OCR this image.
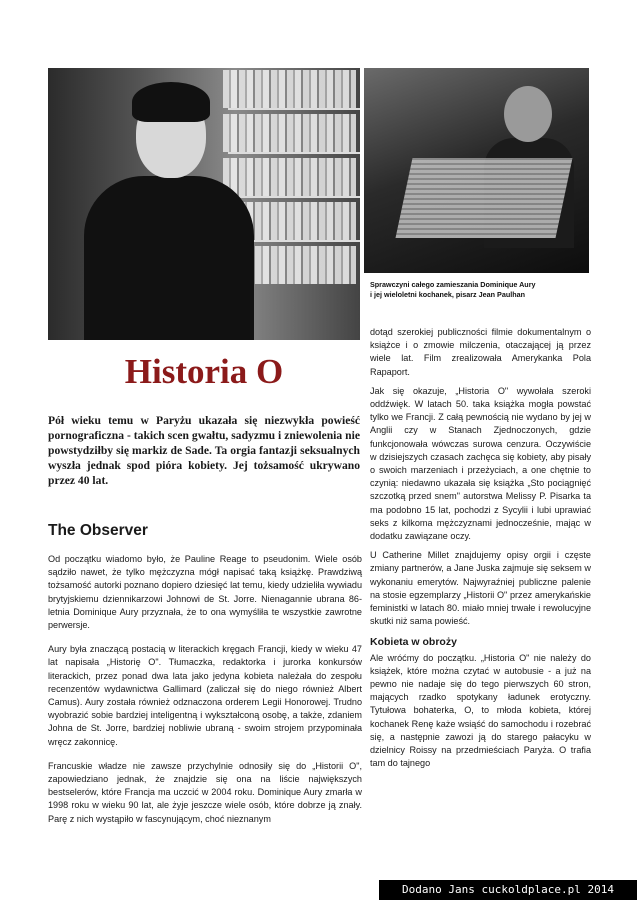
Sprawczyni całego zamieszania Dominique Aury
i jej wieloletni kochanek, pisarz Jean Paulhan
Historia O
Pół wieku temu w Paryżu ukazała się niezwykła powieść pornograficzna - takich scen gwałtu, sadyzmu i zniewolenia nie powstydziłby się markiz de Sade. Ta orgia fantazji seksualnych wyszła jednak spod pióra kobiety. Jej tożsamość ukrywano przez 40 lat.
The Observer

Od początku wiadomo było, że Pauline Reage to pseudonim. Wiele osób sądziło nawet, że tylko mężczyzna mógł napisać taką książkę. Prawdziwą tożsamość autorki poznano dopiero dziesięć lat temu, kiedy udzieliła wywiadu brytyjskiemu dziennikarzowi Johnowi de St. Jorre. Nienagannie ubrana 86-letnia Dominique Aury przyznała, że to ona wymyśliła te wszystkie zawrotne perwersje.

Aury była znaczącą postacią w literackich kręgach Francji, kiedy w wieku 47 lat napisała „Historię O". Tłumaczka, redaktorka i jurorka konkursów literackich, przez ponad dwa lata jako jedyna kobieta należała do zespołu recenzentów wydawnictwa Gallimard (zaliczał się do niego również Albert Camus). Aury została również odznaczona orderem Legii Honorowej. Trudno wyobrazić sobie bardziej inteligentną i wykształconą osobę, a także, zdaniem Johna de St. Jorre, bardziej nobliwie ubraną - swoim strojem przypominała wręcz zakonnicę.

Francuskie władze nie zawsze przychylnie odnosiły się do „Historii O", zapowiedziano jednak, że znajdzie się ona na liście największych bestselerów, które Francja ma uczcić w 2004 roku. Dominique Aury zmarła w 1998 roku w wieku 90 lat, ale żyje jeszcze wiele osób, które dobrze ją znały. Parę z nich wystąpiło w fascynującym, choć nieznanym

dotąd szerokiej publiczności filmie dokumentalnym o książce i o zmowie milczenia, otaczającej ją przez wiele lat. Film zrealizowała Amerykanka Pola Rapaport.

Jak się okazuje, „Historia O" wywołała szeroki oddźwięk. W latach 50. taka książka mogła powstać tylko we Francji. Z całą pewnością nie wydano by jej w Anglii czy w Stanach Zjednoczonych, gdzie funkcjonowała wówczas surowa cenzura. Oczywiście w dzisiejszych czasach zachęca się kobiety, aby pisały o swoich marzeniach i przeżyciach, a one chętnie to czynią: niedawno ukazała się książka „Sto pociągnięć szczotką przed snem" autorstwa Melissy P. Pisarka ta ma podobno 15 lat, pochodzi z Sycylii i lubi uprawiać seks z kilkoma mężczyznami jednocześnie, mając w dodatku zawiązane oczy.

U Catherine Millet znajdujemy opisy orgii i częste zmiany partnerów, a Jane Juska zajmuje się seksem w wykonaniu emerytów. Najwyraźniej publiczne palenie na stosie egzemplarzy „Historii O" przez amerykańskie feministki w latach 80. miało mniej trwałe i rewolucyjne skutki niż sama powieść.

Kobieta w obroży

Ale wróćmy do początku. „Historia O" nie należy do książek, które można czytać w autobusie - a już na pewno nie nadaje się do tego pierwszych 60 stron, mających rzadko spotykany ładunek erotyczny. Tytułowa bohaterka, O, to młoda kobieta, której kochanek Renę każe wsiąść do samochodu i rozebrać się, a następnie zawozi ją do starego pałacyku w dzielnicy Roissy na przedmieściach Paryża. O trafia tam do tajnego

Dodano Jans cuckoldplace.pl 2014
